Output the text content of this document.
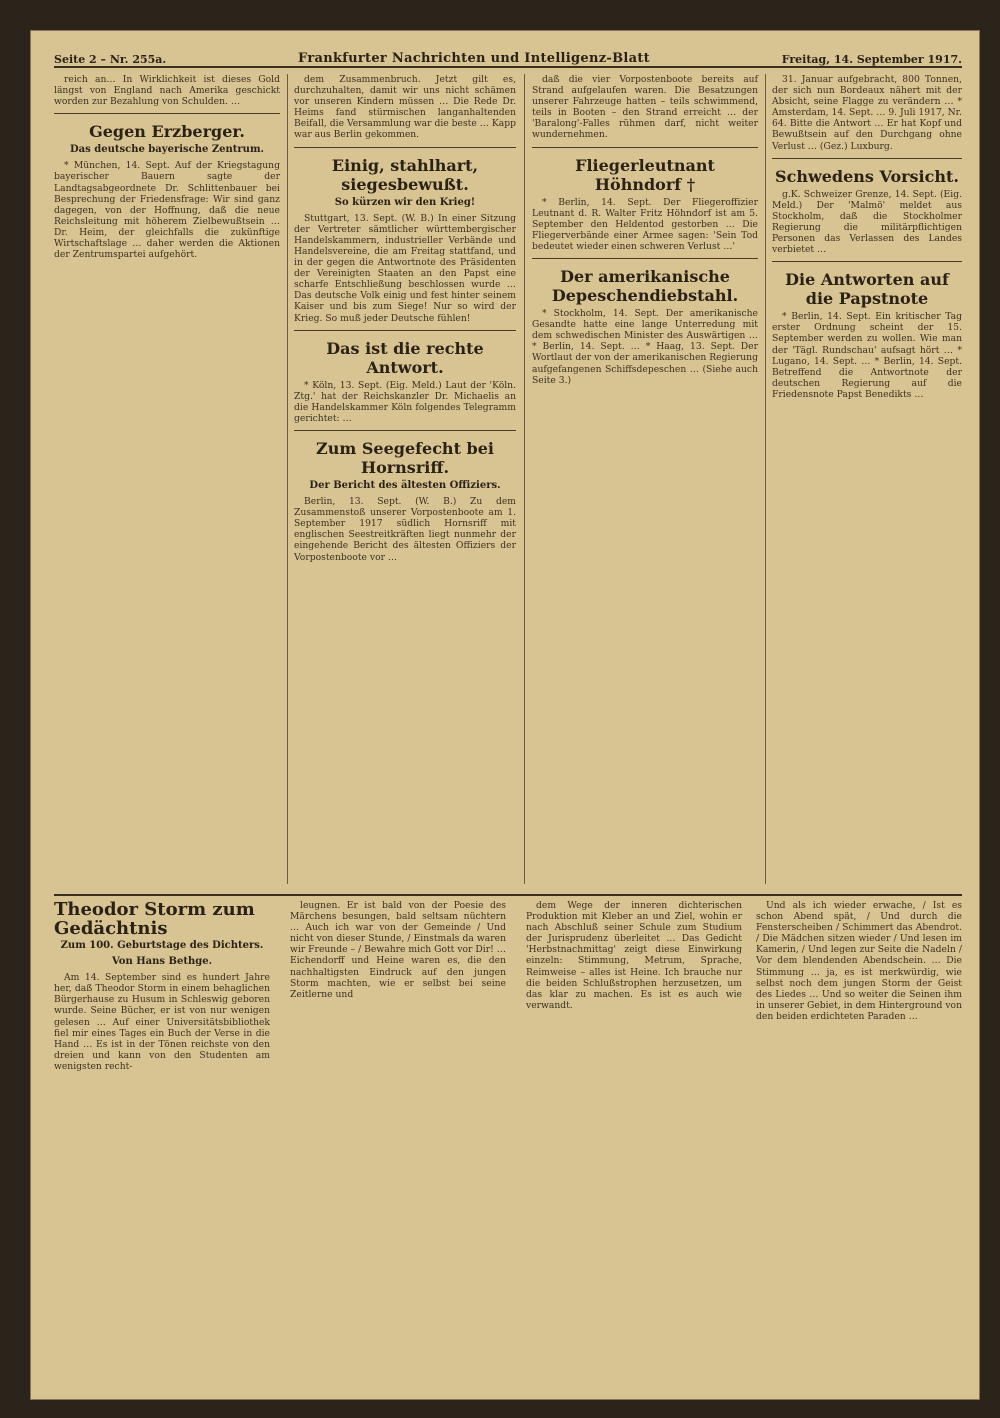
Seite 2 – Nr. 255a.	Frankfurter Nachrichten und Intelligenz-Blatt	Freitag, 14. September 1917.

reich an… In Wirklichkeit ist dieses Gold längst von England nach Amerika geschickt worden zur Bezahlung von Schulden. …

Gegen Erzberger.
Das deutsche bayerische Zentrum.

* München, 14. Sept. Auf der Kriegstagung bayerischer Bauern sagte der Landtagsabgeordnete Dr. Schlittenbauer bei Besprechung der Friedensfrage: Wir sind ganz dagegen, von der Hoffnung, daß die neue Reichsleitung mit höherem Zielbewußtsein … Dr. Heim, der gleichfalls die zukünftige Wirtschaftslage … daher werden die Aktionen der Zentrumspartei aufgehört.

dem Zusammenbruch. Jetzt gilt es, durchzuhalten, damit wir uns nicht schämen vor unseren Kindern müssen … Die Rede Dr. Heims fand stürmischen langanhaltenden Beifall, die Versammlung war die beste … Kapp war aus Berlin gekommen.

Einig, stahlhart, siegesbewußt.
So kürzen wir den Krieg!

Stuttgart, 13. Sept. (W. B.) In einer Sitzung der Vertreter sämtlicher württembergischer Handelskammern, industrieller Verbände und Handelsvereine, die am Freitag stattfand, und in der gegen die Antwortnote des Präsidenten der Vereinigten Staaten an den Papst eine scharfe Entschließung beschlossen wurde … Das deutsche Volk einig und fest hinter seinem Kaiser und bis zum Siege! Nur so wird der Krieg. So muß jeder Deutsche fühlen!

Das ist die rechte Antwort.

* Köln, 13. Sept. (Eig. Meld.) Laut der 'Köln. Ztg.' hat der Reichskanzler Dr. Michaelis an die Handelskammer Köln folgendes Telegramm gerichtet: …

Zum Seegefecht bei Hornsriff.
Der Bericht des ältesten Offiziers.

Berlin, 13. Sept. (W. B.) Zu dem Zusammenstoß unserer Vorpostenboote am 1. September 1917 südlich Hornsriff mit englischen Seestreitkräften liegt nunmehr der eingehende Bericht des ältesten Offiziers der Vorpostenboote vor …

daß die vier Vorpostenboote bereits auf Strand aufgelaufen waren. Die Besatzungen unserer Fahrzeuge hatten – teils schwimmend, teils in Booten – den Strand erreicht … der 'Baralong'-Falles rühmen darf, nicht weiter wundernehmen.

Fliegerleutnant Höhndorf †

* Berlin, 14. Sept. Der Fliegeroffizier Leutnant d. R. Walter Fritz Höhndorf ist am 5. September den Heldentod gestorben … Die Fliegerverbände einer Armee sagen: 'Sein Tod bedeutet wieder einen schweren Verlust …'

Der amerikanische Depeschendiebstahl.

* Stockholm, 14. Sept. Der amerikanische Gesandte hatte eine lange Unterredung mit dem schwedischen Minister des Auswärtigen … * Berlin, 14. Sept. … * Haag, 13. Sept. Der Wortlaut der von der amerikanischen Regierung aufgefangenen Schiffsdepeschen … (Siehe auch Seite 3.)

31. Januar aufgebracht, 800 Tonnen, der sich nun Bordeaux nähert mit der Absicht, seine Flagge zu verändern … * Amsterdam, 14. Sept. … 9. Juli 1917, Nr. 64. Bitte die Antwort … Er hat Kopf und Bewußtsein auf den Durchgang ohne Verlust … (Gez.) Luxburg.

Schwedens Vorsicht.

g.K. Schweizer Grenze, 14. Sept. (Eig. Meld.) Der 'Malmö' meldet aus Stockholm, daß die Stockholmer Regierung die militärpflichtigen Personen das Verlassen des Landes verbietet …

Die Antworten auf die Papstnote

* Berlin, 14. Sept. Ein kritischer Tag erster Ordnung scheint der 15. September werden zu wollen. Wie man der 'Tägl. Rundschau' aufsagt hört … * Lugano, 14. Sept. … * Berlin, 14. Sept. Betreffend die Antwortnote der deutschen Regierung auf die Friedensnote Papst Benedikts …

Theodor Storm zum Gedächtnis
Zum 100. Geburtstage des Dichters.
Von Hans Bethge.

Am 14. September sind es hundert Jahre her, daß Theodor Storm in einem behaglichen Bürgerhause zu Husum in Schleswig geboren wurde. Seine Bücher, er ist von nur wenigen gelesen … Auf einer Universitätsbibliothek fiel mir eines Tages ein Buch der Verse in die Hand … Es ist in der Tönen reichste von den dreien und kann von den Studenten am wenigsten recht-

leugnen. Er ist bald von der Poesie des Märchens besungen, bald seltsam nüchtern … Auch ich war von der Gemeinde / Und nicht von dieser Stunde, / Einstmals da waren wir Freunde – / Bewahre mich Gott vor Dir! … Eichendorff und Heine waren es, die den nachhaltigsten Eindruck auf den jungen Storm machten, wie er selbst bei seine Zeitlerne und

dem Wege der inneren dichterischen Produktion mit Kleber an und Ziel, wohin er nach Abschluß seiner Schule zum Studium der Jurisprudenz überleitet … Das Gedicht 'Herbstnachmittag' zeigt diese Einwirkung einzeln: Stimmung, Metrum, Sprache, Reimweise – alles ist Heine. Ich brauche nur die beiden Schlußstrophen herzusetzen, um das klar zu machen. Es ist es auch wie verwandt.

Und als ich wieder erwache, / Ist es schon Abend spät, / Und durch die Fensterscheiben / Schimmert das Abendrot. / Die Mädchen sitzen wieder / Und lesen im Kamerin, / Und legen zur Seite die Nadeln / Vor dem blendenden Abendschein. … Die Stimmung … ja, es ist merkwürdig, wie selbst noch dem jungen Storm der Geist des Liedes … Und so weiter die Seinen ihm in unserer Gebiet, in dem Hinterground von den beiden erdichteten Paraden …
